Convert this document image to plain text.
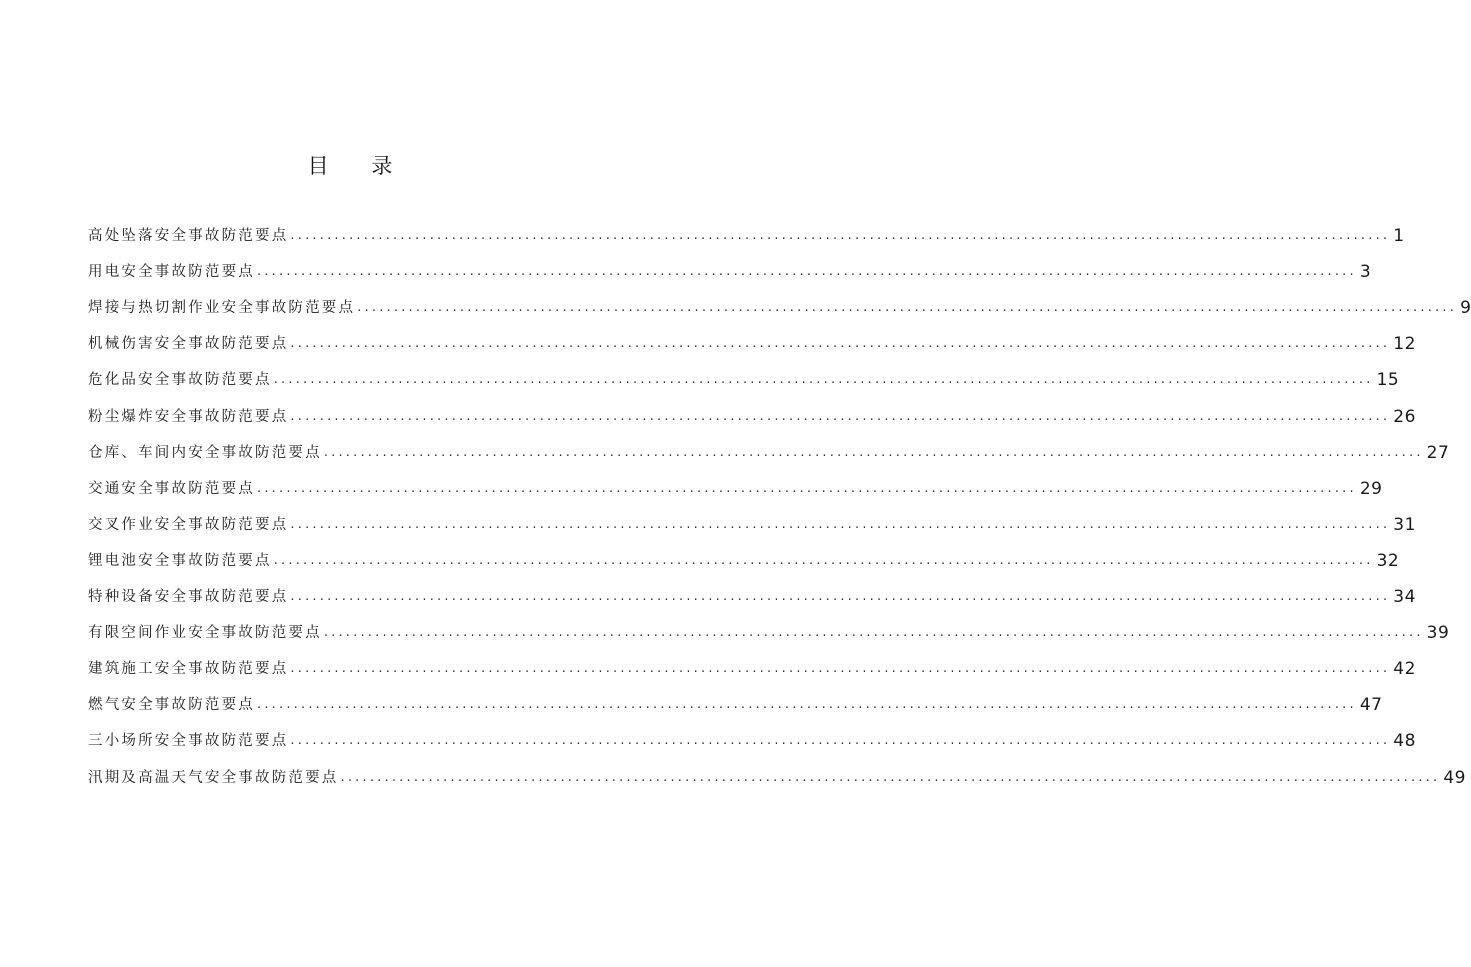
目 录
高处坠落安全事故防范要点 ...................................................................................................................................................... 1
用电安全事故防范要点 ...................................................................................................................................................... 3
焊接与热切割作业安全事故防范要点 ...................................................................................................................................................... 9
机械伤害安全事故防范要点 ...................................................................................................................................................... 12
危化品安全事故防范要点 ...................................................................................................................................................... 15
粉尘爆炸安全事故防范要点 ...................................................................................................................................................... 26
仓库、车间内安全事故防范要点 ...................................................................................................................................................... 27
交通安全事故防范要点 ...................................................................................................................................................... 29
交叉作业安全事故防范要点 ...................................................................................................................................................... 31
锂电池安全事故防范要点 ...................................................................................................................................................... 32
特种设备安全事故防范要点 ...................................................................................................................................................... 34
有限空间作业安全事故防范要点 ...................................................................................................................................................... 39
建筑施工安全事故防范要点 ...................................................................................................................................................... 42
燃气安全事故防范要点 ...................................................................................................................................................... 47
三小场所安全事故防范要点 ...................................................................................................................................................... 48
汛期及高温天气安全事故防范要点 ...................................................................................................................................................... 49
